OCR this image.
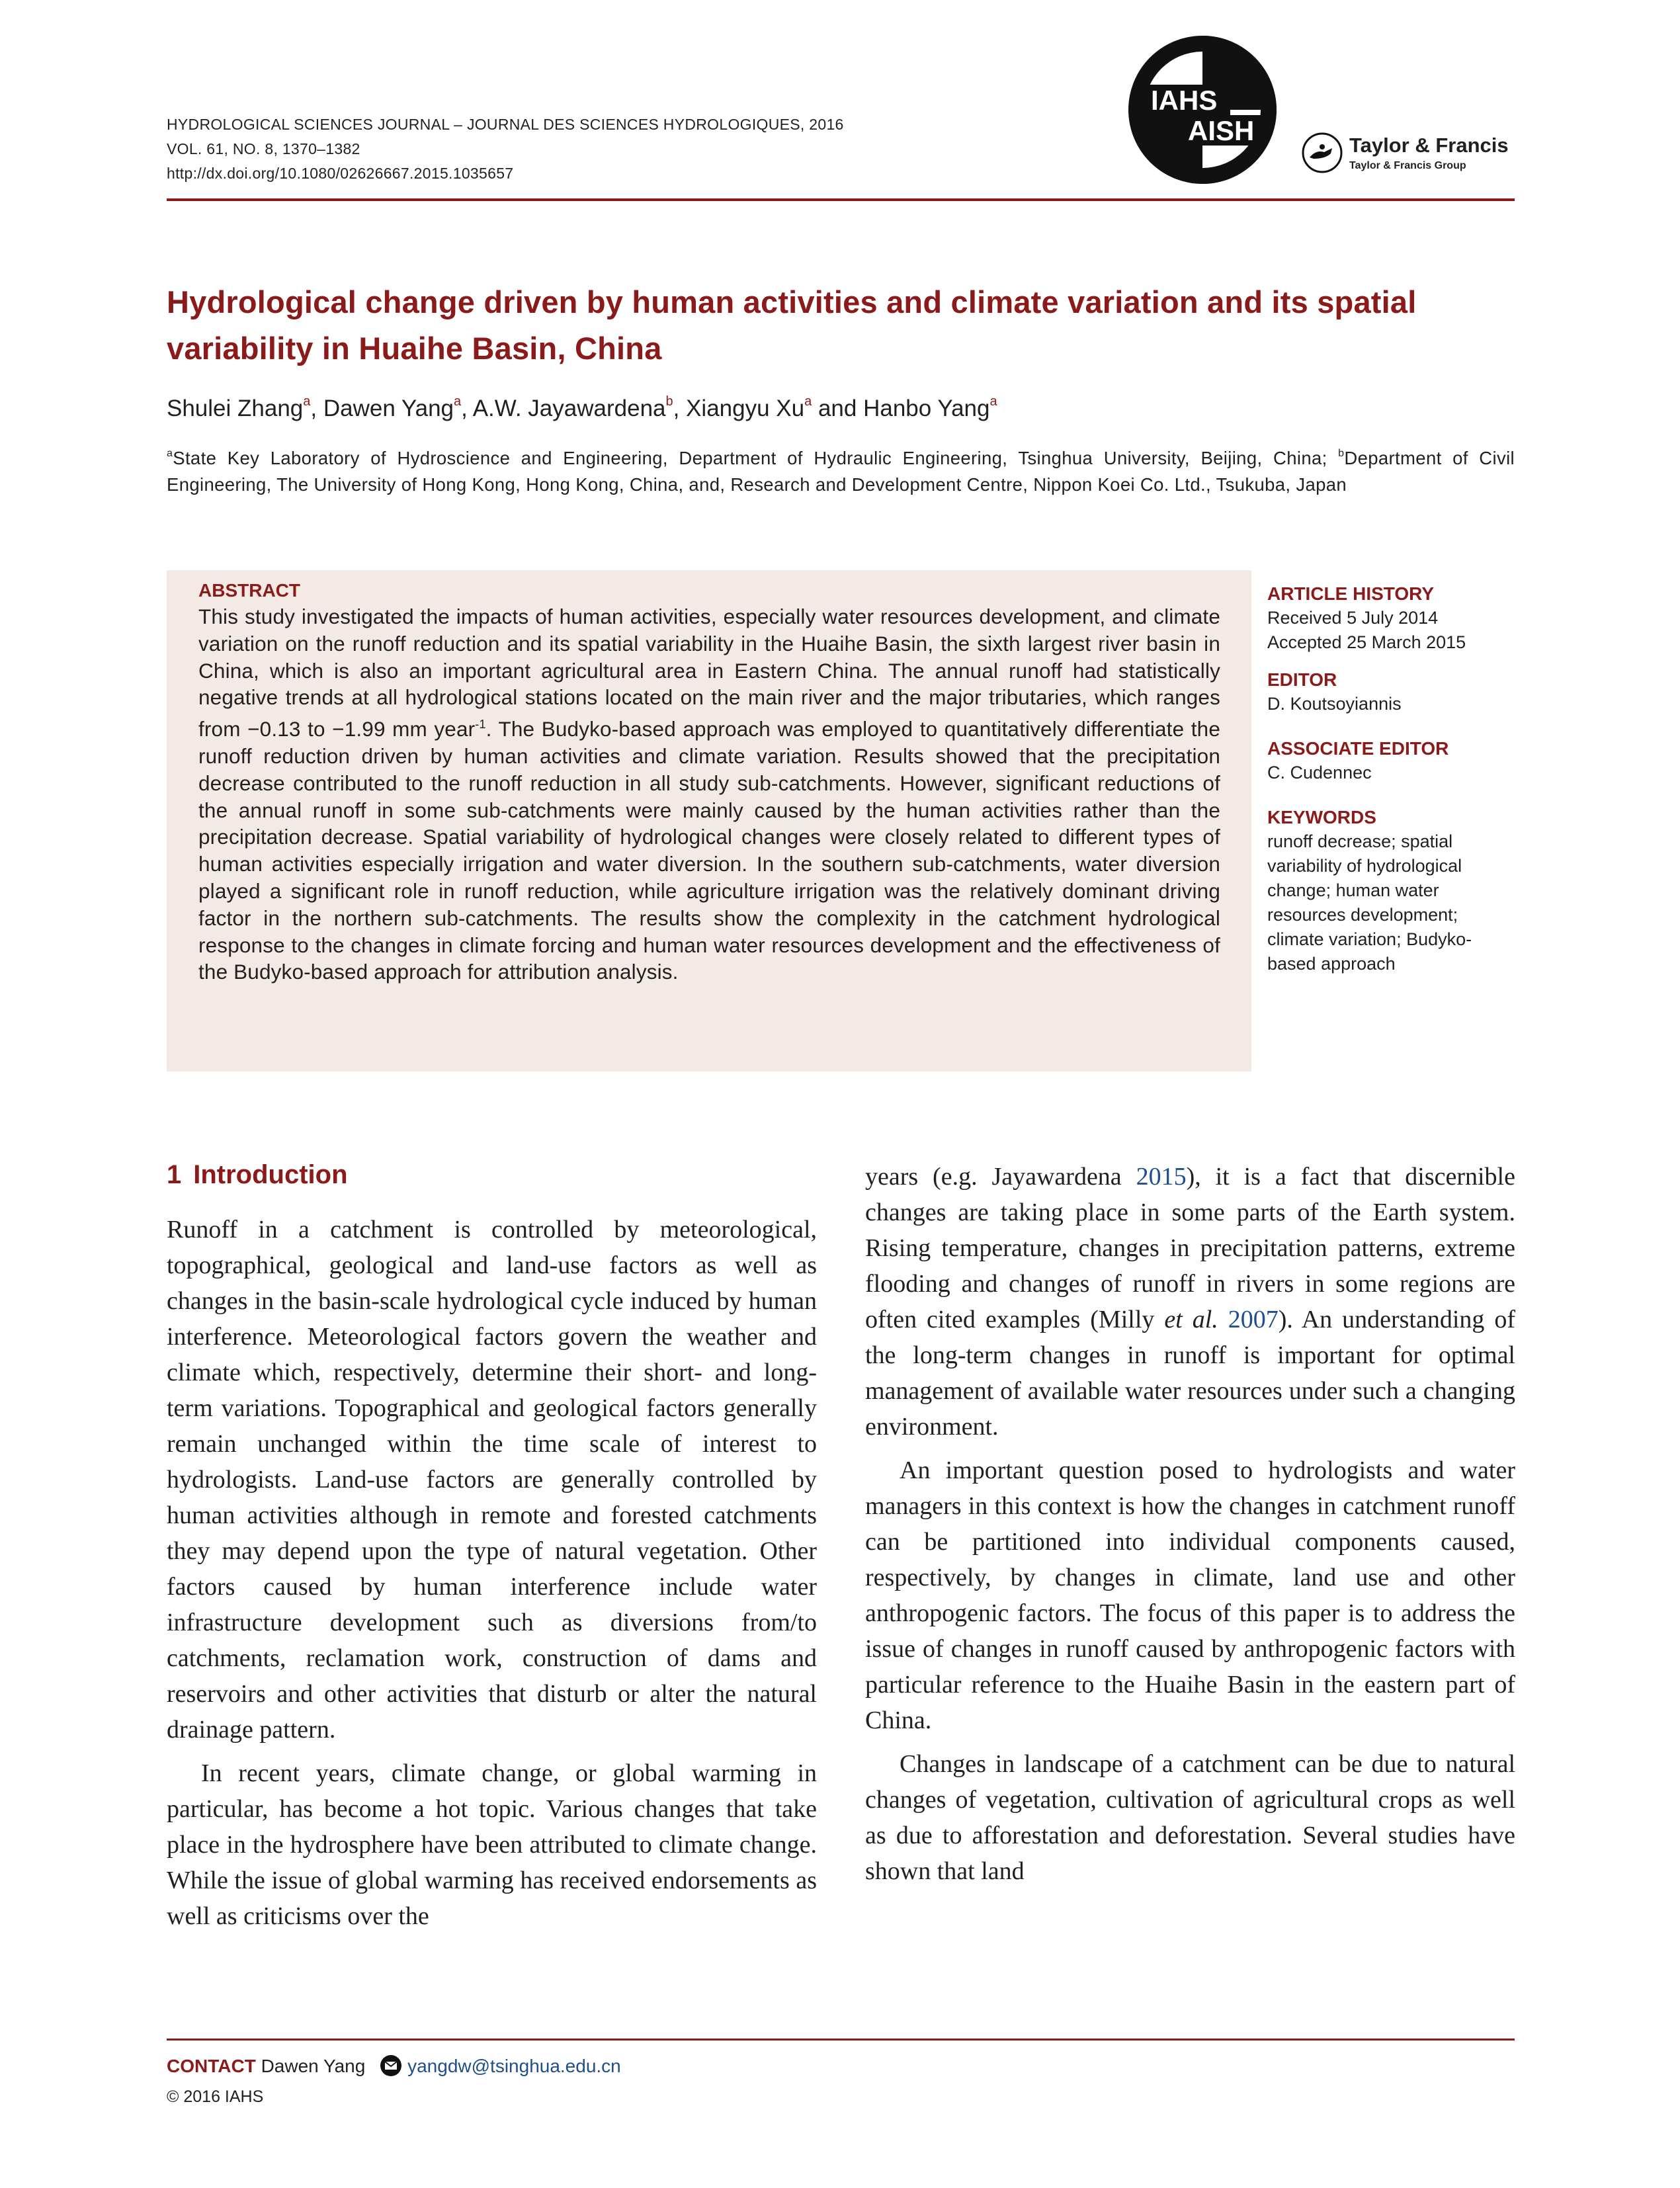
HYDROLOGICAL SCIENCES JOURNAL – JOURNAL DES SCIENCES HYDROLOGIQUES, 2016
VOL. 61, NO. 8, 1370–1382
http://dx.doi.org/10.1080/02626667.2015.1035657
IAHS
AISH	Taylor & Francis
Taylor & Francis Group
Hydrological change driven by human activities and climate variation and its spatial variability in Huaihe Basin, China
Shulei Zhang$^a$, Dawen Yang$^a$, A.W. Jayawardena$^b$, Xiangyu Xu$^a$ and Hanbo Yang$^a$
$^a$State Key Laboratory of Hydroscience and Engineering, Department of Hydraulic Engineering, Tsinghua University, Beijing, China; $^b$Department of Civil Engineering, The University of Hong Kong, Hong Kong, China, and, Research and Development Centre, Nippon Koei Co. Ltd., Tsukuba, Japan
ABSTRACT
This study investigated the impacts of human activities, especially water resources development, and climate variation on the runoff reduction and its spatial variability in the Huaihe Basin, the sixth largest river basin in China, which is also an important agricultural area in Eastern China. The annual runoff had statistically negative trends at all hydrological stations located on the main river and the major tributaries, which ranges from −0.13 to −1.99 mm year$^{-1}$. The Budyko-based approach was employed to quantitatively differentiate the runoff reduction driven by human activities and climate variation. Results showed that the precipitation decrease contributed to the runoff reduction in all study sub-catchments. However, significant reductions of the annual runoff in some sub-catchments were mainly caused by the human activities rather than the precipitation decrease. Spatial variability of hydrological changes were closely related to different types of human activities especially irrigation and water diversion. In the southern sub-catchments, water diversion played a significant role in runoff reduction, while agriculture irrigation was the relatively dominant driving factor in the northern sub-catchments. The results show the complexity in the catchment hydrological response to the changes in climate forcing and human water resources development and the effectiveness of the Budyko-based approach for attribution analysis.
ARTICLE HISTORY
Received 5 July 2014
Accepted 25 March 2015
EDITOR
D. Koutsoyiannis
ASSOCIATE EDITOR
C. Cudennec
KEYWORDS
runoff decrease; spatial variability of hydrological change; human water resources development; climate variation; Budyko-based approach
1 Introduction

Runoff in a catchment is controlled by meteorological, topographical, geological and land-use factors as well as changes in the basin-scale hydrological cycle induced by human interference. Meteorological factors govern the weather and climate which, respectively, determine their short- and long-term variations. Topographical and geological factors generally remain unchanged within the time scale of interest to hydrologists. Land-use factors are generally controlled by human activities although in remote and forested catchments they may depend upon the type of natural vegetation. Other factors caused by human interference include water infrastructure development such as diversions from/to catchments, reclamation work, construction of dams and reservoirs and other activities that disturb or alter the natural drainage pattern.

In recent years, climate change, or global warming in particular, has become a hot topic. Various changes that take place in the hydrosphere have been attributed to climate change. While the issue of global warming has received endorsements as well as criticisms over the

years (e.g. Jayawardena 2015), it is a fact that discernible changes are taking place in some parts of the Earth system. Rising temperature, changes in precipitation patterns, extreme flooding and changes of runoff in rivers in some regions are often cited examples (Milly et al. 2007). An understanding of the long-term changes in runoff is important for optimal management of available water resources under such a changing environment.

An important question posed to hydrologists and water managers in this context is how the changes in catchment runoff can be partitioned into individual components caused, respectively, by changes in climate, land use and other anthropogenic factors. The focus of this paper is to address the issue of changes in runoff caused by anthropogenic factors with particular reference to the Huaihe Basin in the eastern part of China.

Changes in landscape of a catchment can be due to natural changes of vegetation, cultivation of agricultural crops as well as due to afforestation and deforestation. Several studies have shown that land

CONTACT Dawen Yang yangdw@tsinghua.edu.cn
© 2016 IAHS
